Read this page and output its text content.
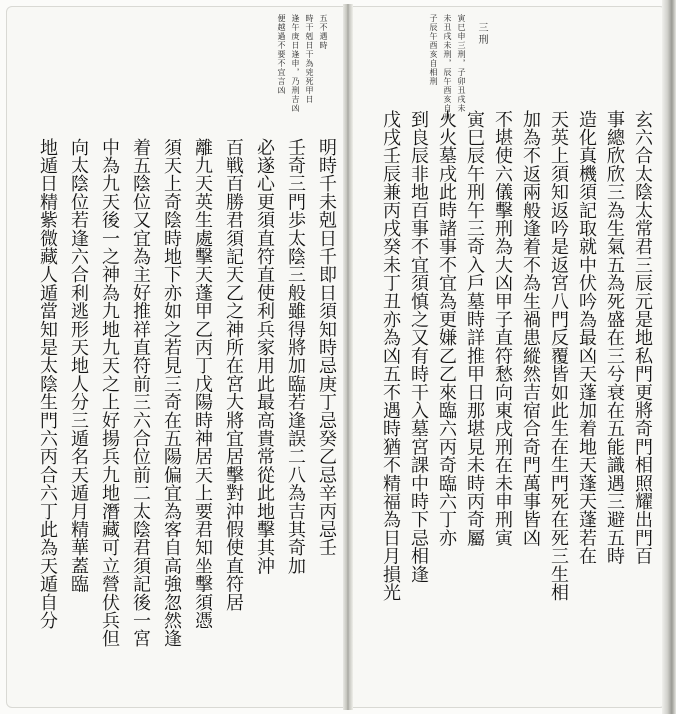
五不遇時
時干剋日干為兇死甲日
逢午庚日逢申，乃刑吉凶
便越過不要不宜言凶
明時千未剋日千即日須知時忌庚丁忌癸乙忌辛丙忌壬
壬奇三門歩太陰三般雖得將加臨若逢誤二八為吉其奇加
必遂心更須直符直使利兵家用此最高貴常從此地擊其沖
百戦百勝君須記天乙之神所在宮大將宜居擊對沖假使直符居
離九天英生處擊天蓬甲乙丙丁戊陽時神居天上要君知坐擊須憑
須天上奇陰時地下亦如之若見三奇在五陽偏宜為客自高強忽然逢
着五陰位又宜為主好推祥直符前三六合位前二太陰君須記後一宮
中為九天後一之神為九地九天之上好揚兵九地潛藏可立營伏兵但
向太陰位若逢六合利逃形天地人分三遁名天遁月精華蓋臨
地遁日精紫微藏人遁當知是太陰生門六丙合六丁此為天遁自分
三刑
寅巳申三刑，子卯丑戌未
未丑戌未刑，辰午酉亥自刑
子辰午酉亥自相刑
玄六合太陰太常君三辰元是地私門更將奇門相照耀出門百
事總欣欣三為生氣五為死盛在三兮衰在五能識遇三避五時
造化真機須記取就中伏吟為最凶天蓬加着地天蓬天蓬若在
天英上須知返吟是返宮八門反覆皆如此生在生門死在死三生相
加為不返兩般逢着不為生禍患縱然吉宿合奇門萬事皆凶
不堪使六儀擊刑為大凶甲子直符愁向東戌刑在未申刑寅
寅巳辰午刑午三奇入戶墓時詳推甲日那堪見未時丙奇屬
火火墓戌此時諸事不宜為更嫌乙乙來臨六丙奇臨六丁亦
到良辰非地百事不宜須慎之又有時干入墓宮課中時下忌相逢
戊戌壬辰兼丙戌癸未丁丑亦為凶五不遇時猶不精福為日月損光
